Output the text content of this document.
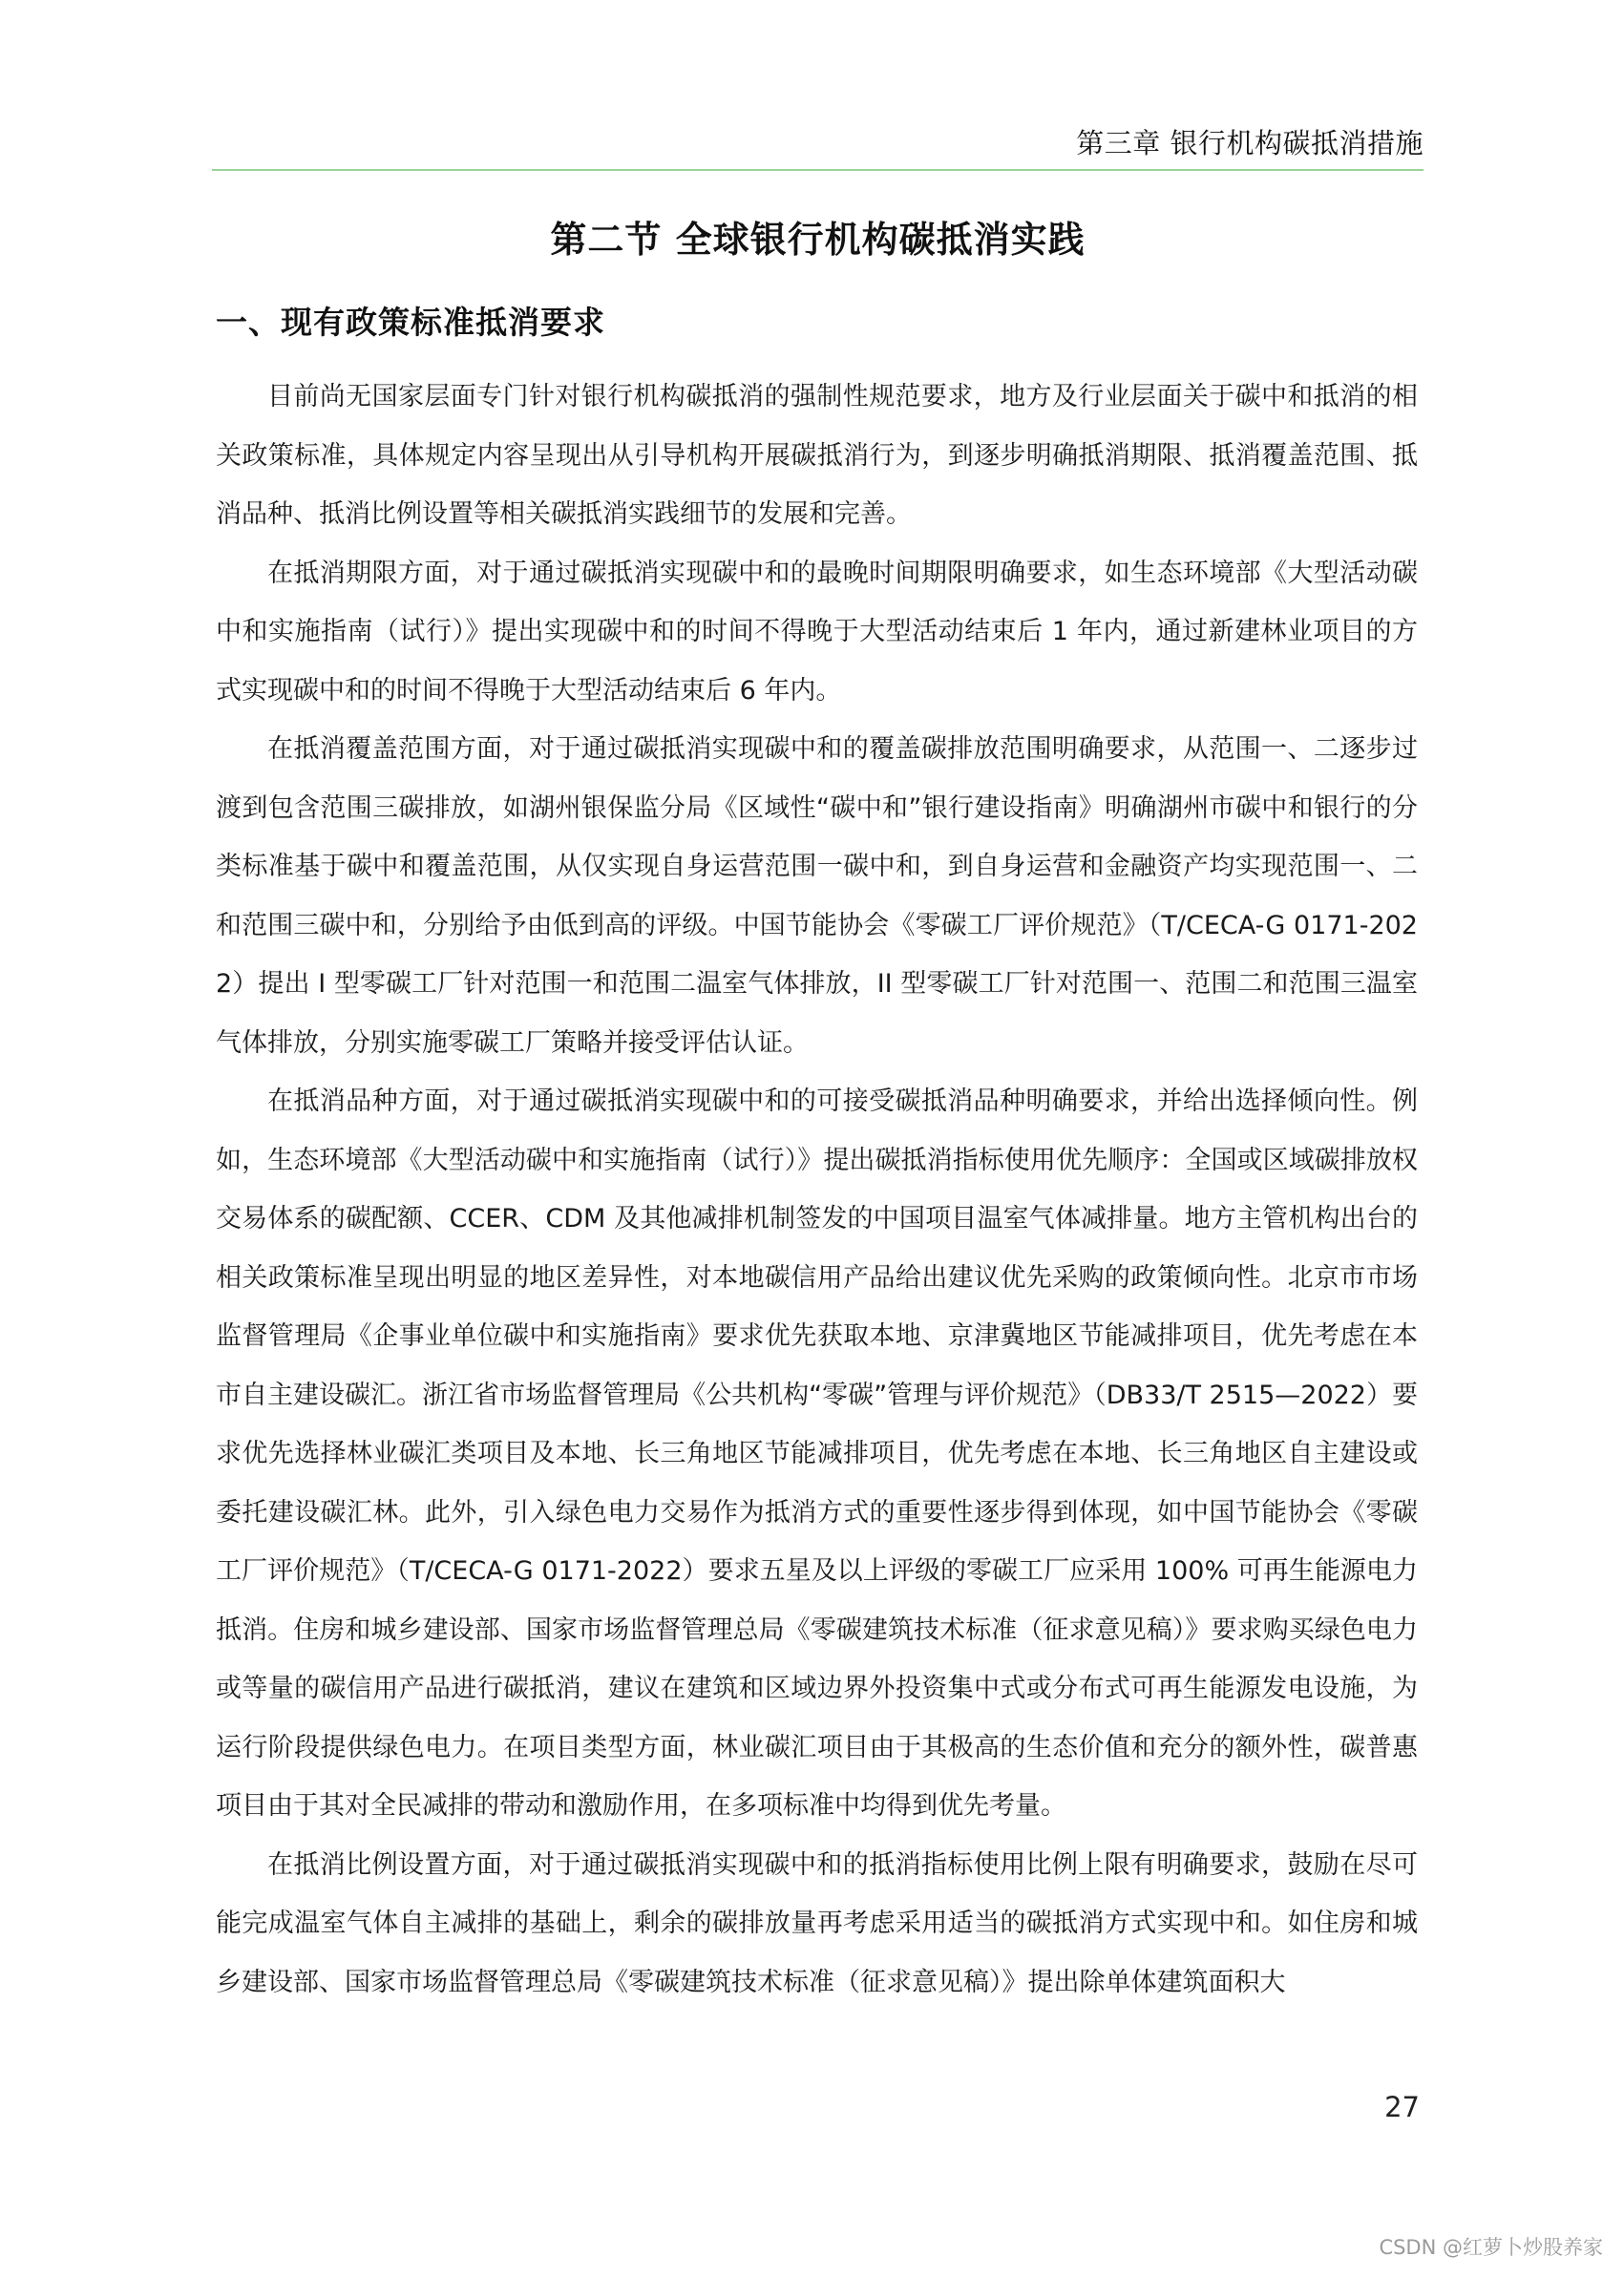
第三章 银行机构碳抵消措施
第二节 全球银行机构碳抵消实践
一、现有政策标准抵消要求

目前尚无国家层面专门针对银行机构碳抵消的强制性规范要求，地方及行业层面关于碳中和抵消的相关政策标准，具体规定内容呈现出从引导机构开展碳抵消行为，到逐步明确抵消期限、抵消覆盖范围、抵消品种、抵消比例设置等相关碳抵消实践细节的发展和完善。

在抵消期限方面，对于通过碳抵消实现碳中和的最晚时间期限明确要求，如生态环境部《大型活动碳中和实施指南（试行）》提出实现碳中和的时间不得晚于大型活动结束后 1 年内，通过新建林业项目的方式实现碳中和的时间不得晚于大型活动结束后 6 年内。

在抵消覆盖范围方面，对于通过碳抵消实现碳中和的覆盖碳排放范围明确要求，从范围一、二逐步过渡到包含范围三碳排放，如湖州银保监分局《区域性“碳中和”银行建设指南》明确湖州市碳中和银行的分类标准基于碳中和覆盖范围，从仅实现自身运营范围一碳中和，到自身运营和金融资产均实现范围一、二和范围三碳中和，分别给予由低到高的评级。中国节能协会《零碳工厂评价规范》（T/CECA-G 0171-2022）提出 I 型零碳工厂针对范围一和范围二温室气体排放，II 型零碳工厂针对范围一、范围二和范围三温室气体排放，分别实施零碳工厂策略并接受评估认证。

在抵消品种方面，对于通过碳抵消实现碳中和的可接受碳抵消品种明确要求，并给出选择倾向性。例如，生态环境部《大型活动碳中和实施指南（试行）》提出碳抵消指标使用优先顺序：全国或区域碳排放权交易体系的碳配额、CCER、CDM 及其他减排机制签发的中国项目温室气体减排量。地方主管机构出台的相关政策标准呈现出明显的地区差异性，对本地碳信用产品给出建议优先采购的政策倾向性。北京市市场监督管理局《企事业单位碳中和实施指南》要求优先获取本地、京津冀地区节能减排项目，优先考虑在本市自主建设碳汇。浙江省市场监督管理局《公共机构“零碳”管理与评价规范》（DB33/T 2515—2022）要求优先选择林业碳汇类项目及本地、长三角地区节能减排项目，优先考虑在本地、长三角地区自主建设或委托建设碳汇林。此外，引入绿色电力交易作为抵消方式的重要性逐步得到体现，如中国节能协会《零碳工厂评价规范》（T/CECA-G 0171-2022）要求五星及以上评级的零碳工厂应采用 100% 可再生能源电力抵消。住房和城乡建设部、国家市场监督管理总局《零碳建筑技术标准（征求意见稿）》要求购买绿色电力或等量的碳信用产品进行碳抵消，建议在建筑和区域边界外投资集中式或分布式可再生能源发电设施，为运行阶段提供绿色电力。在项目类型方面，林业碳汇项目由于其极高的生态价值和充分的额外性，碳普惠项目由于其对全民减排的带动和激励作用，在多项标准中均得到优先考量。

在抵消比例设置方面，对于通过碳抵消实现碳中和的抵消指标使用比例上限有明确要求，鼓励在尽可能完成温室气体自主减排的基础上，剩余的碳排放量再考虑采用适当的碳抵消方式实现中和。如住房和城乡建设部、国家市场监督管理总局《零碳建筑技术标准（征求意见稿）》提出除单体建筑面积大

27
CSDN @红萝卜炒股养家
